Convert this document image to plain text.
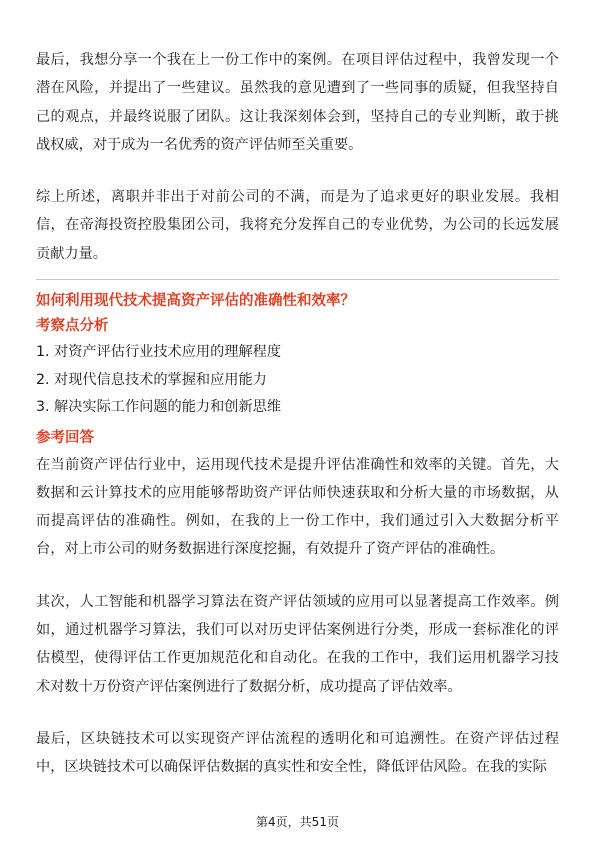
最后，我想分享一个我在上一份工作中的案例。在项目评估过程中，我曾发现一个潜在风险，并提出了一些建议。虽然我的意见遭到了一些同事的质疑，但我坚持自己的观点，并最终说服了团队。这让我深刻体会到，坚持自己的专业判断，敢于挑战权威，对于成为一名优秀的资产评估师至关重要。

综上所述，离职并非出于对前公司的不满，而是为了追求更好的职业发展。我相信，在帝海投资控股集团公司，我将充分发挥自己的专业优势，为公司的长远发展贡献力量。

如何利用现代技术提高资产评估的准确性和效率？

考察点分析

1. 对资产评估行业技术应用的理解程度
2. 对现代信息技术的掌握和应用能力
3. 解决实际工作问题的能力和创新思维

参考回答

在当前资产评估行业中，运用现代技术是提升评估准确性和效率的关键。首先，大数据和云计算技术的应用能够帮助资产评估师快速获取和分析大量的市场数据，从而提高评估的准确性。例如，在我的上一份工作中，我们通过引入大数据分析平台，对上市公司的财务数据进行深度挖掘，有效提升了资产评估的准确性。

其次，人工智能和机器学习算法在资产评估领域的应用可以显著提高工作效率。例如，通过机器学习算法，我们可以对历史评估案例进行分类，形成一套标准化的评估模型，使得评估工作更加规范化和自动化。在我的工作中，我们运用机器学习技术对数十万份资产评估案例进行了数据分析，成功提高了评估效率。

最后，区块链技术可以实现资产评估流程的透明化和可追溯性。在资产评估过程中，区块链技术可以确保评估数据的真实性和安全性，降低评估风险。在我的实际

第4页，共51页
